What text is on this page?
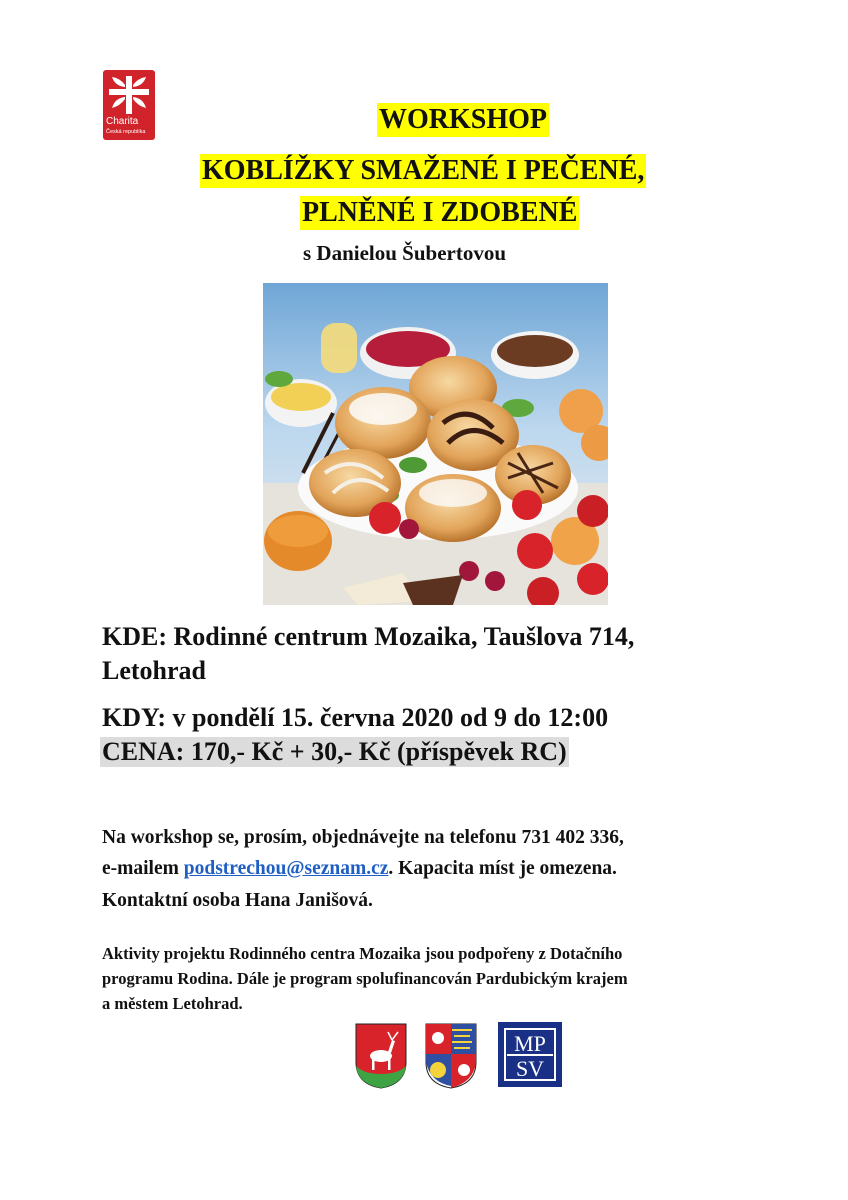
Charita
Česká republika	WORKSHOP
KOBLÍŽKY SMAŽENÉ I PEČENÉ,
PLNĚNÉ I ZDOBENÉ
s Danielou Šubertovou
KDE: Rodinné centrum Mozaika, Taušlova 714,
Letohrad
KDY: v pondělí 15. června 2020 od 9 do 12:00
CENA: 170,- Kč + 30,- Kč (příspěvek RC)
Na workshop se, prosím, objednávejte na telefonu 731 402 336,
e-mailem podstrechou@seznam.cz. Kapacita míst je omezena.
Kontaktní osoba Hana Janišová.
Aktivity projektu Rodinného centra Mozaika jsou podpořeny z Dotačního
programu Rodina. Dále je program spolufinancován Pardubickým krajem
a městem Letohrad.
MP
SV
